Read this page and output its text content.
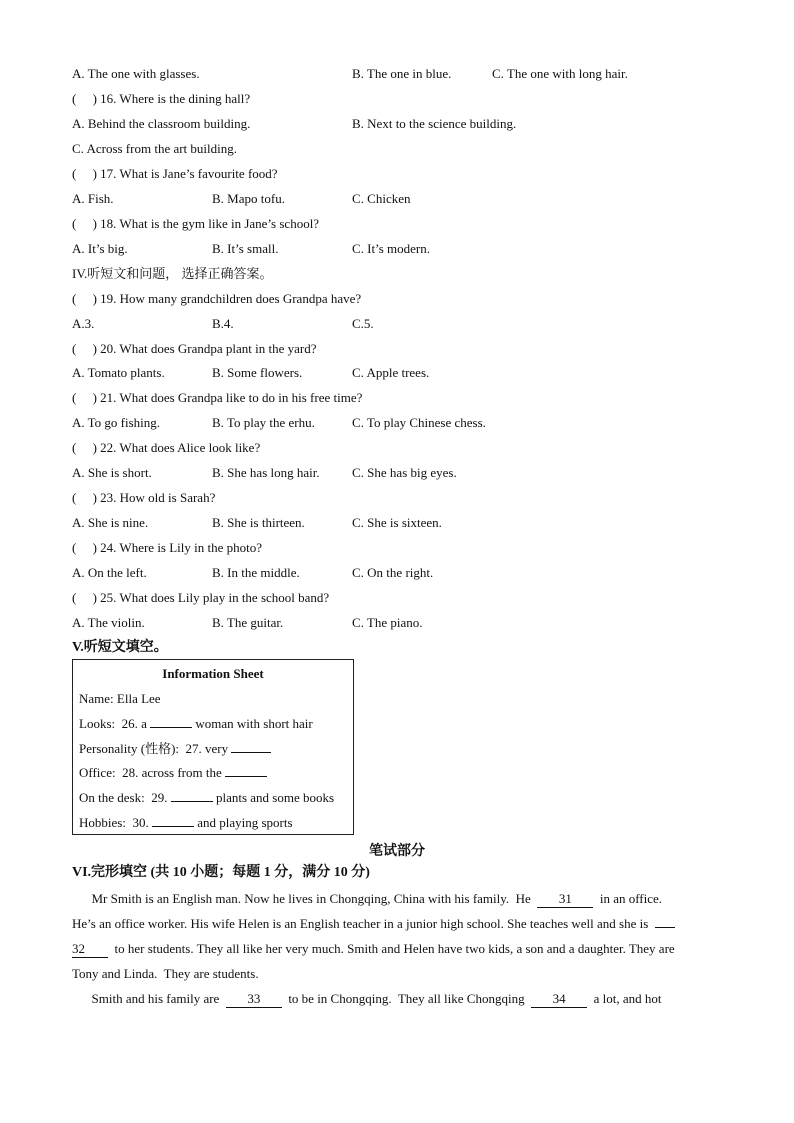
A. The one with glasses.	B. The one in blue.	C. The one with long hair.
(     ) 16. Where is the dining hall?
A. Behind the classroom building.	B. Next to the science building.
C. Across from the art building.
(     ) 17. What is Jane’s favourite food?
A. Fish.	B. Mapo tofu.	C. Chicken
(     ) 18. What is the gym like in Jane’s school?
A. It’s big.	B. It’s small.	C. It’s modern.
IV.听短文和问题， 选择正确答案。
(     ) 19. How many grandchildren does Grandpa have?
A.3.	B.4.	C.5.
(     ) 20. What does Grandpa plant in the yard?
A. Tomato plants.	B. Some flowers.	C. Apple trees.
(     ) 21. What does Grandpa like to do in his free time?
A. To go fishing.	B. To play the erhu.	C. To play Chinese chess.
(     ) 22. What does Alice look like?
A. She is short.	B. She has long hair. C. She has big eyes.
(     ) 23. How old is Sarah?
A. She is nine.	B. She is thirteen.	C. She is sixteen.
(     ) 24. Where is Lily in the photo?
A. On the left.	B. In the middle.	C. On the right.
(     ) 25. What does Lily play in the school band?
A. The violin.	B. The guitar.	C. The piano.
V.听短文填空。
Information Sheet
Name: Ella Lee
Looks:  26. a	woman with short hair
Personality (性格):  27. very
Office:  28. across from the
On the desk:  29.	plants and some books
Hobbies:  30.	and playing sports
笔试部分
VI.完形填空 (共 10 小题；每题 1 分，满分 10 分)
Mr Smith is an English man. Now he lives in Chongqing, China with his family.  He  31  in an office.
He’s an office worker. His wife Helen is an English teacher in a junior high school. She teaches well and she is
32  to her students. They all like her very much. Smith and Helen have two kids, a son and a daughter. They are
Tony and Linda.  They are students.
Smith and his family are  33  to be in Chongqing.  They all like Chongqing  34  a lot, and hot
